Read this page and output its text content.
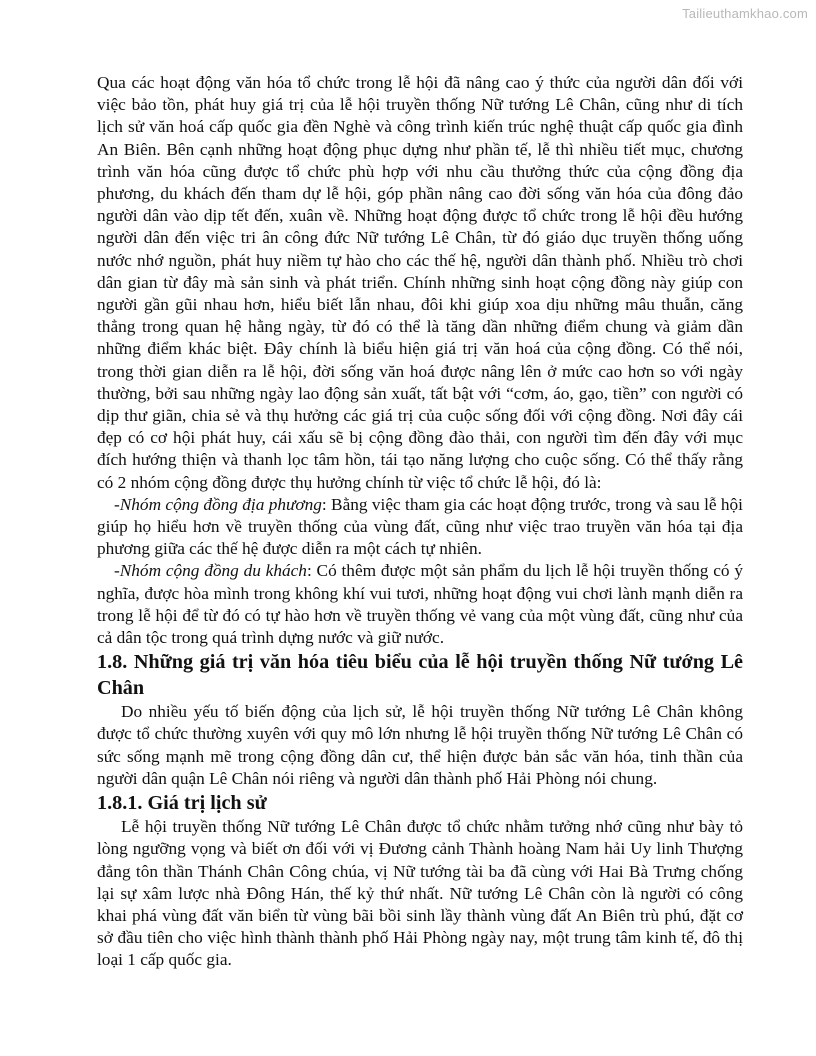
Tailieuthamkhao.com

Qua các hoạt động văn hóa tổ chức trong lễ hội đã nâng cao ý thức của người dân đối với việc bảo tồn, phát huy giá trị của lễ hội truyền thống Nữ tướng Lê Chân, cũng như di tích lịch sử văn hoá cấp quốc gia đền Nghè và công trình kiến trúc nghệ thuật cấp quốc gia đình An Biên. Bên cạnh những hoạt động phục dựng như phần tế, lễ thì nhiều tiết mục, chương trình văn hóa cũng được tổ chức phù hợp với nhu cầu thưởng thức của cộng đồng địa phương, du khách đến tham dự lễ hội, góp phần nâng cao đời sống văn hóa của đông đảo người dân vào dịp tết đến, xuân về. Những hoạt động được tổ chức trong lễ hội đều hướng người dân đến việc tri ân công đức Nữ tướng Lê Chân, từ đó giáo dục truyền thống uống nước nhớ nguồn, phát huy niềm tự hào cho các thế hệ, người dân thành phố. Nhiều trò chơi dân gian từ đây mà sản sinh và phát triển. Chính những sinh hoạt cộng đồng này giúp con người gần gũi nhau hơn, hiểu biết lẫn nhau, đôi khi giúp xoa dịu những mâu thuẫn, căng thẳng trong quan hệ hằng ngày, từ đó có thể là tăng dần những điểm chung và giảm dần những điểm khác biệt. Đây chính là biểu hiện giá trị văn hoá của cộng đồng. Có thể nói, trong thời gian diễn ra lễ hội, đời sống văn hoá được nâng lên ở mức cao hơn so với ngày thường, bởi sau những ngày lao động sản xuất, tất bật với “cơm, áo, gạo, tiền” con người có dịp thư giãn, chia sẻ và thụ hưởng các giá trị của cuộc sống đối với cộng đồng. Nơi đây cái đẹp có cơ hội phát huy, cái xấu sẽ bị cộng đồng đào thải, con người tìm đến đây với mục đích hướng thiện và thanh lọc tâm hồn, tái tạo năng lượng cho cuộc sống. Có thể thấy rằng có 2 nhóm cộng đồng được thụ hưởng chính từ việc tổ chức lễ hội, đó là:

-Nhóm cộng đồng địa phương: Bằng việc tham gia các hoạt động trước, trong và sau lễ hội giúp họ hiểu hơn về truyền thống của vùng đất, cũng như việc trao truyền văn hóa tại địa phương giữa các thế hệ được diễn ra một cách tự nhiên.

-Nhóm cộng đồng du khách: Có thêm được một sản phẩm du lịch lễ hội truyền thống có ý nghĩa, được hòa mình trong không khí vui tươi, những hoạt động vui chơi lành mạnh diễn ra trong lễ hội để từ đó có tự hào hơn về truyền thống vẻ vang của một vùng đất, cũng như của cả dân tộc trong quá trình dựng nước và giữ nước.

1.8. Những giá trị văn hóa tiêu biểu của lễ hội truyền thống Nữ tướng Lê Chân

Do nhiều yếu tố biến động của lịch sử, lễ hội truyền thống Nữ tướng Lê Chân không được tổ chức thường xuyên với quy mô lớn nhưng lễ hội truyền thống Nữ tướng Lê Chân có sức sống mạnh mẽ trong cộng đồng dân cư, thể hiện được bản sắc văn hóa, tinh thần của người dân quận Lê Chân nói riêng và người dân thành phố Hải Phòng nói chung.

1.8.1. Giá trị lịch sử

Lễ hội truyền thống Nữ tướng Lê Chân được tổ chức nhằm tưởng nhớ cũng như bày tỏ lòng ngưỡng vọng và biết ơn đối với vị Đương cảnh Thành hoàng Nam hải Uy linh Thượng đẳng tôn thần Thánh Chân Công chúa, vị Nữ tướng tài ba đã cùng với Hai Bà Trưng chống lại sự xâm lược nhà Đông Hán, thế kỷ thứ nhất. Nữ tướng Lê Chân còn là người có công khai phá vùng đất văn biển từ vùng bãi bồi sinh lầy thành vùng đất An Biên trù phú, đặt cơ sở đầu tiên cho việc hình thành thành phố Hải Phòng ngày nay, một trung tâm kinh tế, đô thị loại 1 cấp quốc gia.
